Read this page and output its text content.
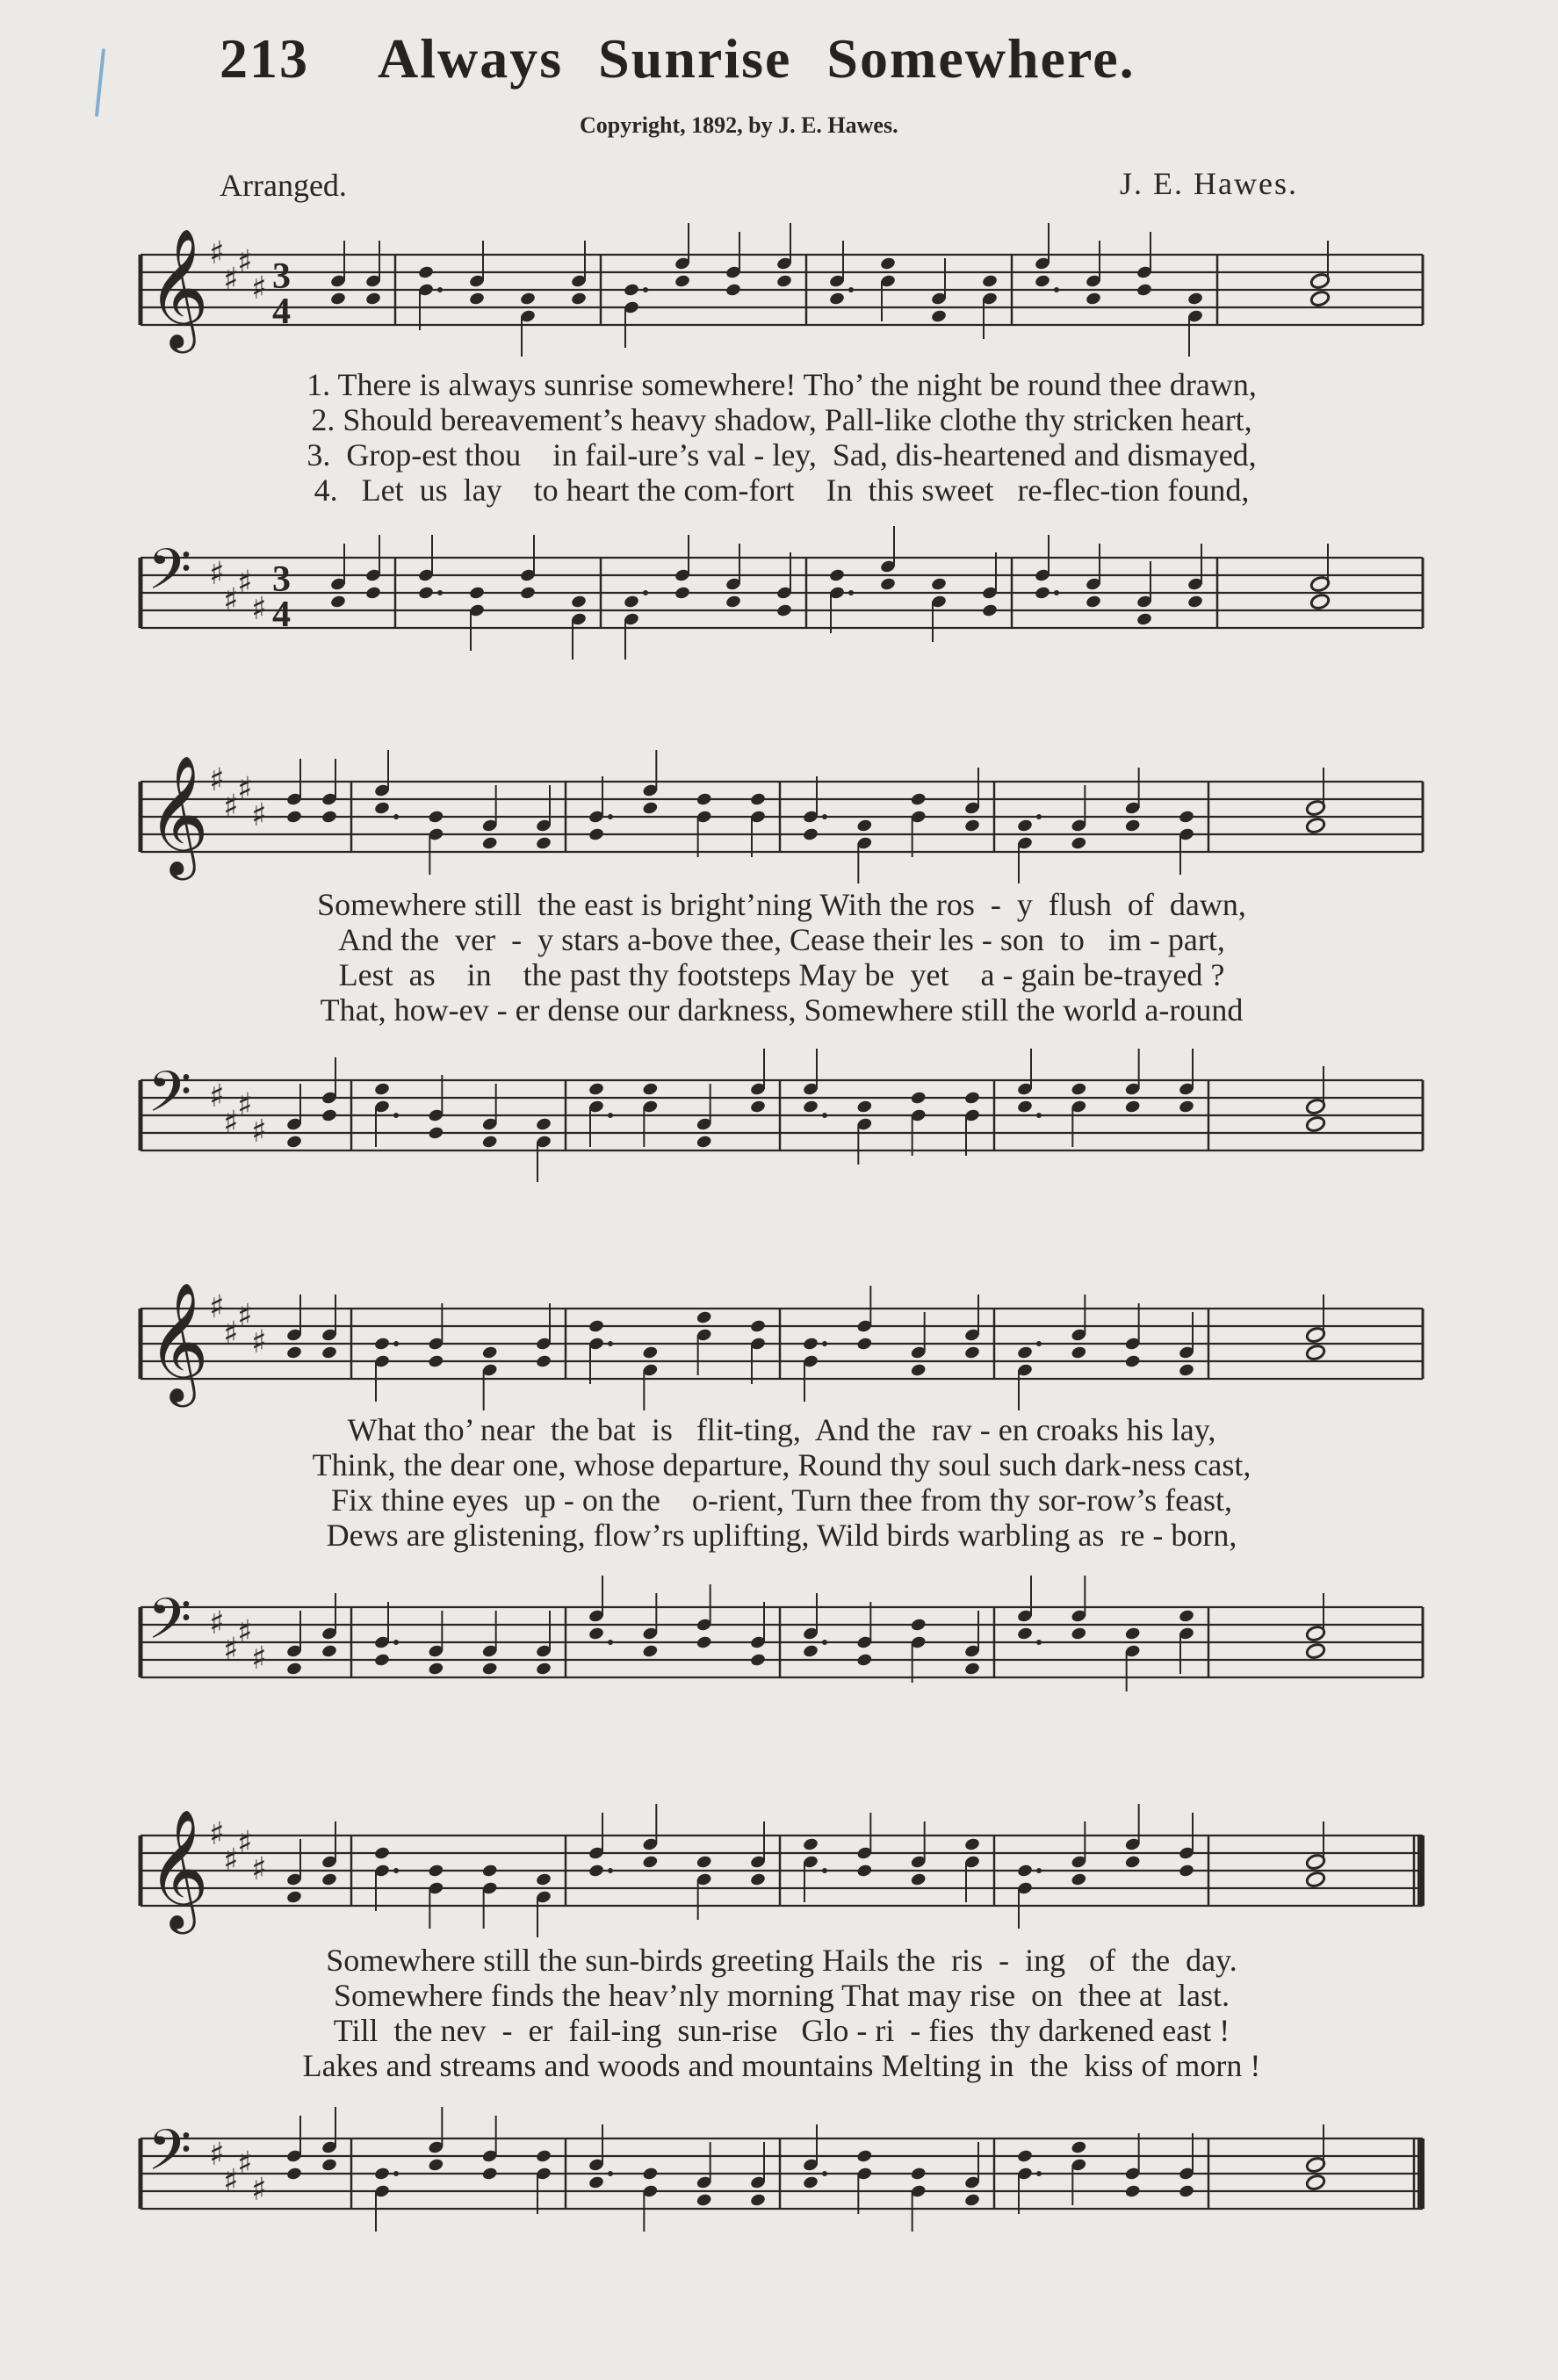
213 Always Sunrise Somewhere.
Copyright, 1892, by J. E. Hawes.
Arranged.	J. E. Hawes.
𝄞 ♯
♯
♯
♯ 3
4
1. There is always sunrise somewhere! Tho’ the night be round thee drawn,
2. Should bereavement’s heavy shadow, Pall-like clothe thy stricken heart,
3.  Grop-est thou    in fail-ure’s val - ley,  Sad, dis-heartened and dismayed,
4.   Let  us  lay    to heart the com-fort    In  this sweet   re-flec-tion found,
𝄢 ♯
♯
♯
♯
3
4
𝄞 ♯
♯
♯
♯
Somewhere still  the east is bright’ning With the ros  -  y  flush  of  dawn,
And the  ver  -  y stars a-bove thee, Cease their les - son  to   im - part,
Lest  as    in    the past thy footsteps May be  yet    a - gain be-trayed ?
That, how-ev - er dense our darkness, Somewhere still the world a-round
𝄢 ♯
♯
♯
♯
𝄞 ♯
♯
♯
♯
What tho’ near  the bat  is   flit-ting,  And the  rav - en croaks his lay,
Think, the dear one, whose departure, Round thy soul such dark-ness cast,
Fix thine eyes  up - on the    o-rient, Turn thee from thy sor-row’s feast,
Dews are glistening, flow’rs uplifting, Wild birds warbling as  re - born,
𝄢 ♯
♯
♯
♯
𝄞 ♯
♯
♯
♯
Somewhere still the sun-birds greeting Hails the  ris  -  ing   of  the  day.
Somewhere finds the heav’nly morning That may rise  on  thee at  last.
Till  the nev  -  er  fail-ing  sun-rise   Glo - ri  - fies  thy darkened east !
Lakes and streams and woods and mountains Melting in  the  kiss of morn !
𝄢 ♯
♯
♯
♯
